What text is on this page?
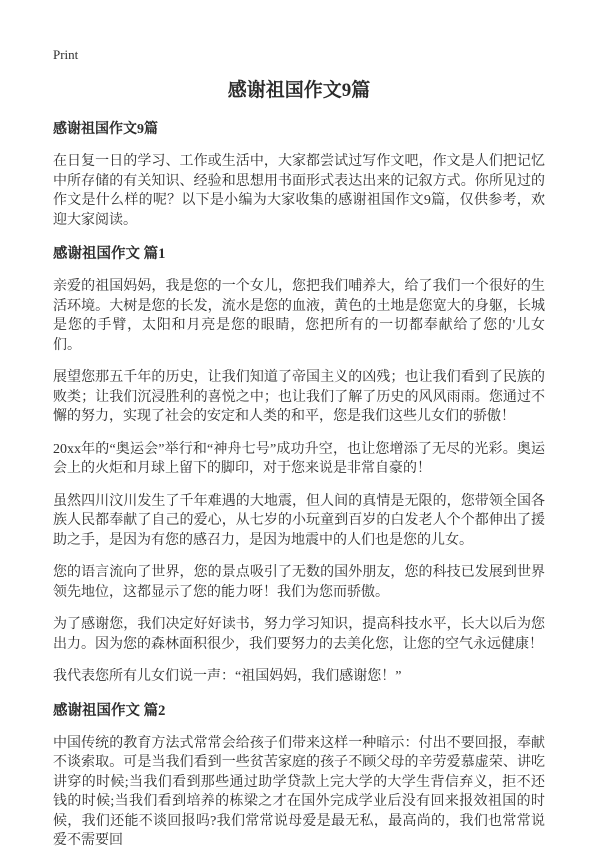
Print
感谢祖国作文9篇
感谢祖国作文9篇

在日复一日的学习、工作或生活中，大家都尝试过写作文吧，作文是人们把记忆中所存储的有关知识、经验和思想用书面形式表达出来的记叙方式。你所见过的作文是什么样的呢？以下是小编为大家收集的感谢祖国作文9篇，仅供参考，欢迎大家阅读。

感谢祖国作文 篇1

亲爱的祖国妈妈，我是您的一个女儿，您把我们哺养大，给了我们一个很好的生活环境。大树是您的长发，流水是您的血液，黄色的土地是您宽大的身躯，长城是您的手臂，太阳和月亮是您的眼睛，您把所有的一切都奉献给了您的'儿女们。

展望您那五千年的历史，让我们知道了帝国主义的凶残；也让我们看到了民族的败类；让我们沉浸胜利的喜悦之中；也让我们了解了历史的风风雨雨。您通过不懈的努力，实现了社会的安定和人类的和平，您是我们这些儿女们的骄傲！

20xx年的“奥运会”举行和“神舟七号”成功升空，也让您增添了无尽的光彩。奥运会上的火炬和月球上留下的脚印，对于您来说是非常自豪的！

虽然四川汶川发生了千年难遇的大地震，但人间的真情是无限的，您带领全国各族人民都奉献了自己的爱心，从七岁的小玩童到百岁的白发老人个个都伸出了援助之手，是因为有您的感召力，是因为地震中的人们也是您的儿女。

您的语言流向了世界，您的景点吸引了无数的国外朋友，您的科技已发展到世界领先地位，这都显示了您的能力呀！我们为您而骄傲。

为了感谢您，我们决定好好读书，努力学习知识，提高科技水平，长大以后为您出力。因为您的森林面积很少，我们要努力的去美化您，让您的空气永远健康！

我代表您所有儿女们说一声：“祖国妈妈，我们感谢您！”

感谢祖国作文 篇2

中国传统的教育方法式常常会给孩子们带来这样一种暗示：付出不要回报，奉献不谈索取。可是当我们看到一些贫苦家庭的孩子不顾父母的辛劳爱慕虚荣、讲吃讲穿的时候;当我们看到那些通过助学贷款上完大学的大学生背信弃义，拒不还钱的时候;当我们看到培养的栋梁之才在国外完成学业后没有回来报效祖国的时候，我们还能不谈回报吗?我们常常说母爱是最无私，最高尚的，我们也常常说爱不需要回
